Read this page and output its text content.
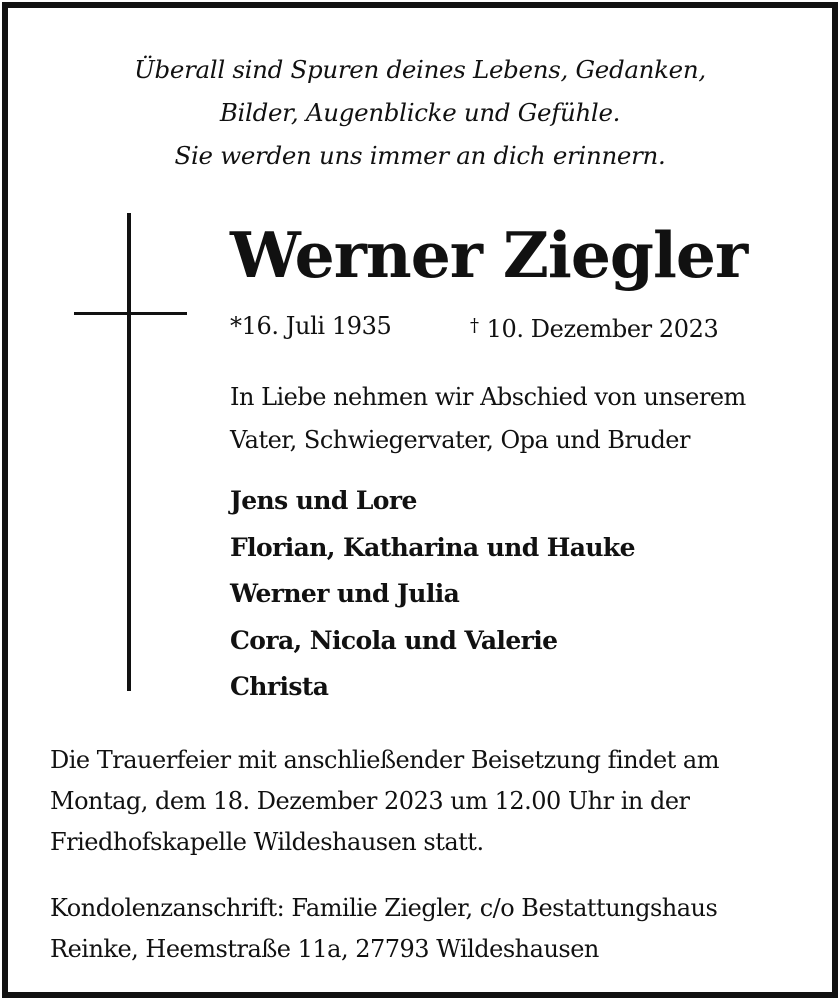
Überall sind Spuren deines Lebens, Gedanken,
Bilder, Augenblicke und Gefühle.
Sie werden uns immer an dich erinnern.
Werner Ziegler
*16. Juli 1935	† 10. Dezember 2023
In Liebe nehmen wir Abschied von unserem
Vater, Schwiegervater, Opa und Bruder
Jens und Lore
Florian, Katharina und Hauke
Werner und Julia
Cora, Nicola und Valerie
Christa
Die Trauerfeier mit anschließender Beisetzung findet am
Montag, dem 18. Dezember 2023 um 12.00 Uhr in der
Friedhofskapelle Wildeshausen statt.
Kondolenzanschrift: Familie Ziegler, c/o Bestattungshaus
Reinke, Heemstraße 11a, 27793 Wildeshausen
